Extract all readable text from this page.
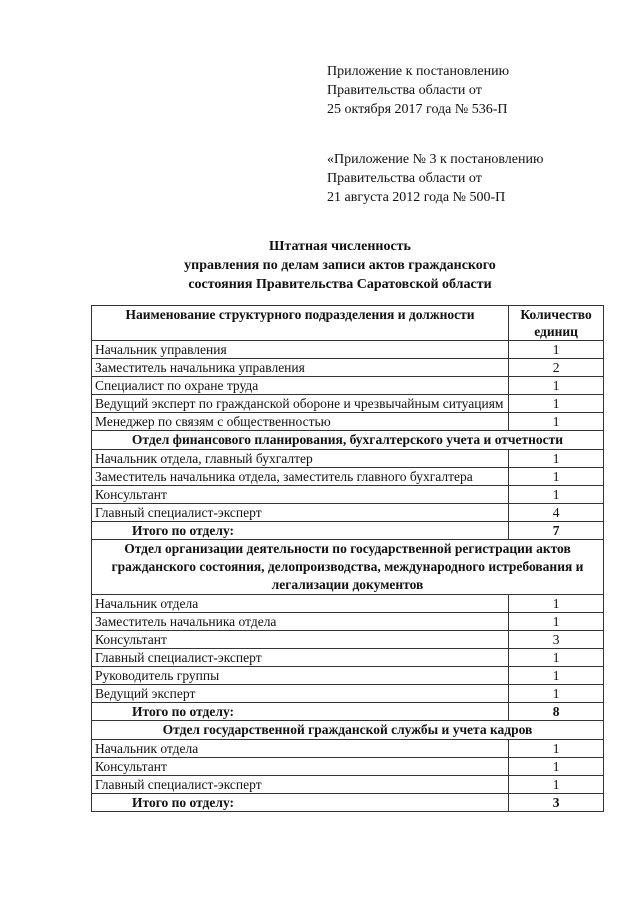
Приложение к постановлению
Правительства области от
25 октября 2017 года № 536-П
«Приложение № 3 к постановлению
Правительства области от
21 августа 2012 года № 500-П
Штатная численность
управления по делам записи актов гражданского
состояния Правительства Саратовской области
Наименование структурного подразделения и должности	Количество единиц
Начальник управления	1
Заместитель начальника управления	2
Специалист по охране труда	1
Ведущий эксперт по гражданской обороне и чрезвычайным ситуациям	1
Менеджер по связям с общественностью	1
Отдел финансового планирования, бухгалтерского учета и отчетности	
Начальник отдела, главный бухгалтер	1
Заместитель начальника отдела, заместитель главного бухгалтера	1
Консультант	1
Главный специалист-эксперт	4
Итого по отделу:	7
Отдел организации деятельности по государственной регистрации актов гражданского состояния, делопроизводства, международного истребования и легализации документов	
Начальник отдела	1
Заместитель начальника отдела	1
Консультант	3
Главный специалист-эксперт	1
Руководитель группы	1
Ведущий эксперт	1
Итого по отделу:	8
Отдел государственной гражданской службы и учета кадров	
Начальник отдела	1
Консультант	1
Главный специалист-эксперт	1
Итого по отделу:	3
